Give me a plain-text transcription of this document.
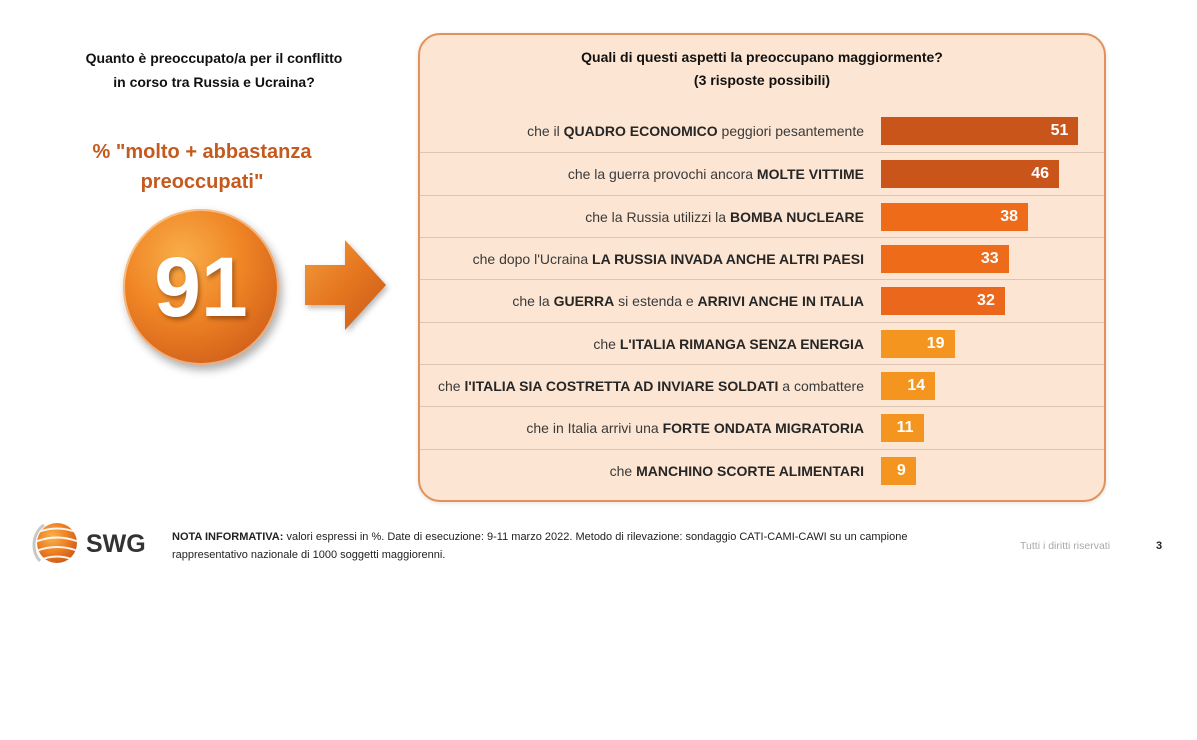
Quanto è preoccupato/a per il conflitto
in corso tra Russia e Ucraina?
% "molto + abbastanza
preoccupati"
91
Quali di questi aspetti la preoccupano maggiormente?
(3 risposte possibili)
che il QUADRO ECONOMICO peggiori pesantemente	51
che la guerra provochi ancora MOLTE VITTIME	46
che la Russia utilizzi la BOMBA NUCLEARE	38
che dopo l'Ucraina LA RUSSIA INVADA ANCHE ALTRI PAESI	33
che la GUERRA si estenda e ARRIVI ANCHE IN ITALIA	32
che L'ITALIA RIMANGA SENZA ENERGIA	19
che l'ITALIA SIA COSTRETTA AD INVIARE SOLDATI a combattere	14
che in Italia arrivi una FORTE ONDATA MIGRATORIA	11
che MANCHINO SCORTE ALIMENTARI	9
SWG NOTA INFORMATIVA: valori espressi in %. Date di esecuzione: 9-11 marzo 2022. Metodo di rilevazione: sondaggio CATI-CAMI-CAWI su un campione
rappresentativo nazionale di 1000 soggetti maggiorenni.
Tutti i diritti riservati	3
